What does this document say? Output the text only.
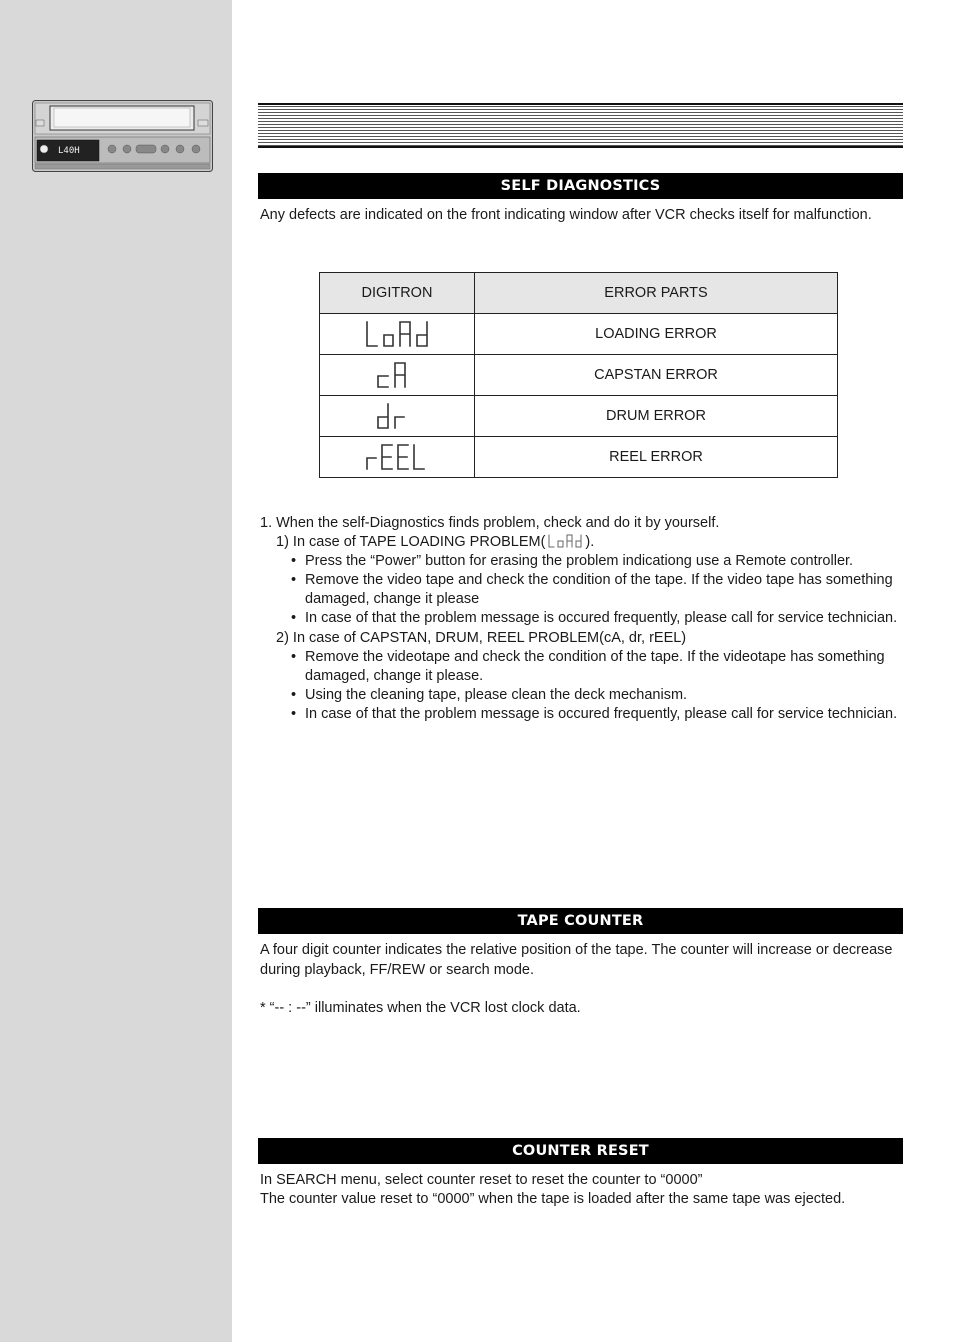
L40H
SELF DIAGNOSTICS

Any defects are indicated on the front indicating window after VCR checks itself for malfunction.

DIGITRON	ERROR PARTS
	LOADING ERROR
	CAPSTAN ERROR
	DRUM ERROR
	REEL ERROR
1. When the self-Diagnostics finds problem, check and do it by yourself.
1) In case of TAPE LOADING PROBLEM(	).
• Press the “Power” button for erasing the problem indicationg use a Remote controller.
• Remove the video tape and check the condition of the tape. If the video tape has something damaged, change it please
• In case of that the problem message is occured frequently, please call for service technician.
2) In case of CAPSTAN, DRUM, REEL PROBLEM(cA, dr, rEEL)
• Remove the videotape and check the condition of the tape. If the videotape has something damaged, change it please.
• Using the cleaning tape, please clean the deck mechanism.
• In case of that the problem message is occured frequently, please call for service technician.
TAPE COUNTER

A four digit counter indicates the relative position of the tape. The counter will increase or decrease during playback, FF/REW or search mode.

* “-- : --” illuminates when the VCR lost clock data.

COUNTER RESET

In SEARCH menu, select counter reset to reset the counter to “0000”

The counter value reset to “0000” when the tape is loaded after the same tape was ejected.
